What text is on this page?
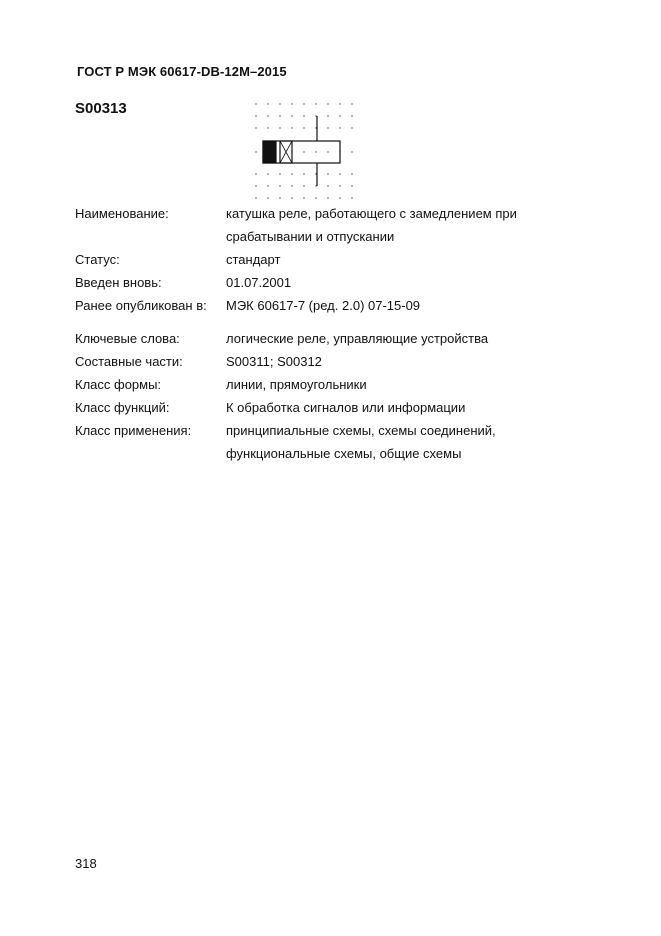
ГОСТ Р МЭК 60617-DB-12M–2015
S00313
Наименование:	катушка реле, работающего с замедлением при срабатывании и отпускании
Статус:	стандарт
Введен вновь:	01.07.2001
Ранее опубликован в:	МЭК 60617-7 (ред. 2.0) 07-15-09
Ключевые слова:	логические реле, управляющие устройства
Составные части:	S00311; S00312
Класс формы:	линии, прямоугольники
Класс функций:	К обработка сигналов или информации
Класс применения:	принципиальные схемы, схемы соединений, функциональные схемы, общие схемы
318
